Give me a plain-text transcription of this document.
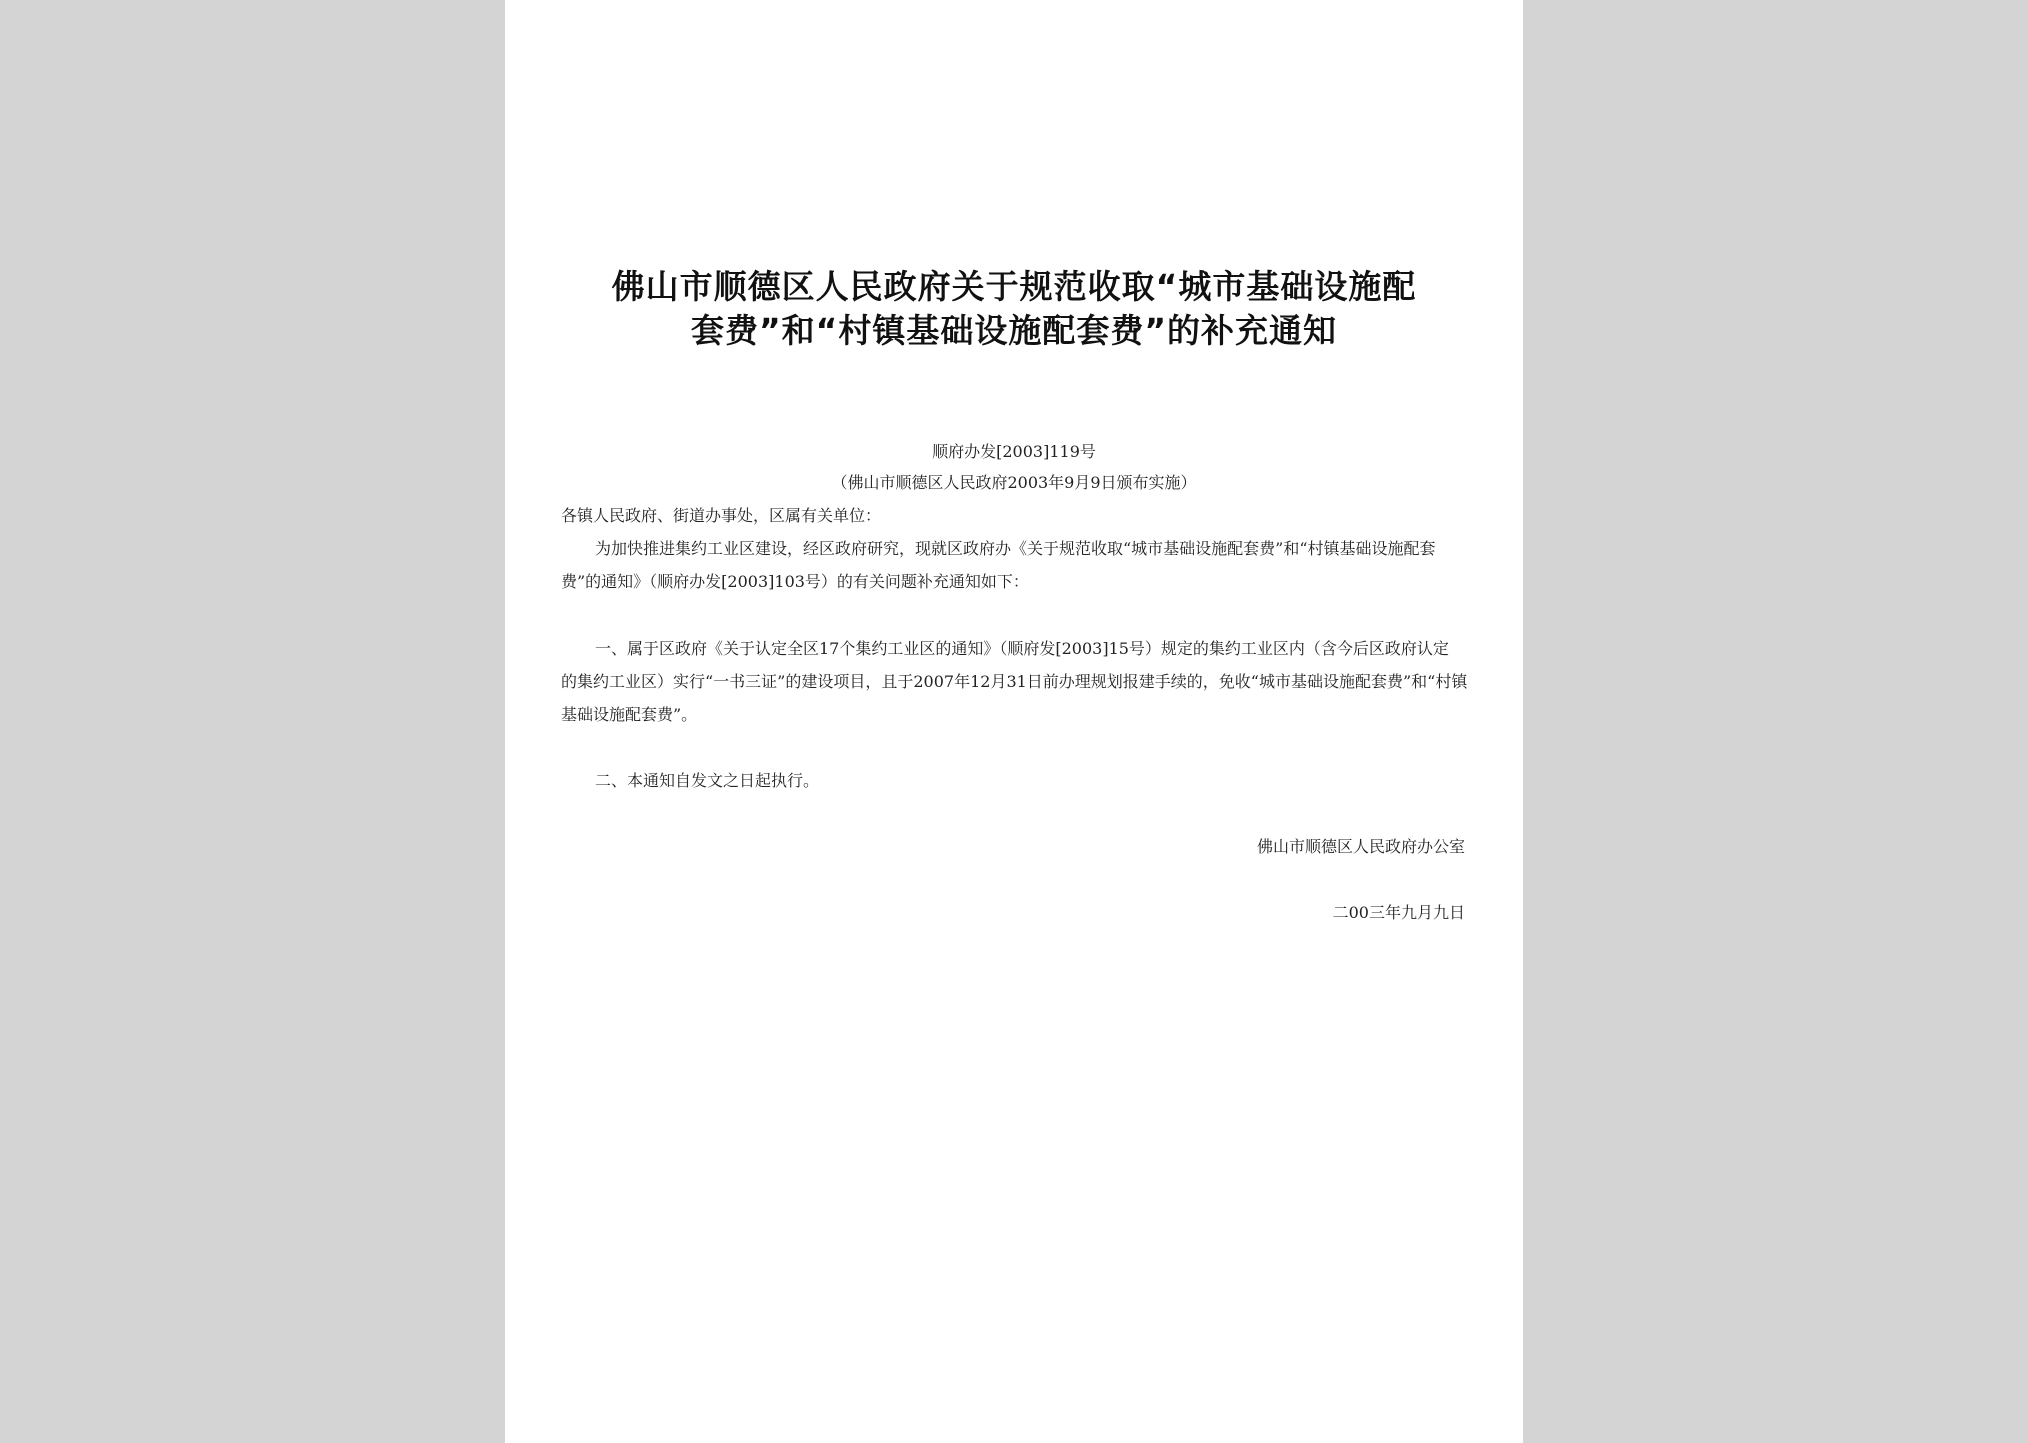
佛山市顺德区人民政府关于规范收取“城市基础设施配
套费”和“村镇基础设施配套费”的补充通知
顺府办发[2003]119号
（佛山市顺德区人民政府2003年9月9日颁布实施）
各镇人民政府、街道办事处，区属有关单位：
为加快推进集约工业区建设，经区政府研究，现就区政府办《关于规范收取“城市基础设施配套费”和“村镇基础设施配套
费”的通知》（顺府办发[2003]103号）的有关问题补充通知如下：
一、属于区政府《关于认定全区17个集约工业区的通知》（顺府发[2003]15号）规定的集约工业区内（含今后区政府认定
的集约工业区）实行“一书三证”的建设项目，且于2007年12月31日前办理规划报建手续的，免收“城市基础设施配套费”和“村镇
基础设施配套费”。
二、本通知自发文之日起执行。
佛山市顺德区人民政府办公室
二00三年九月九日
